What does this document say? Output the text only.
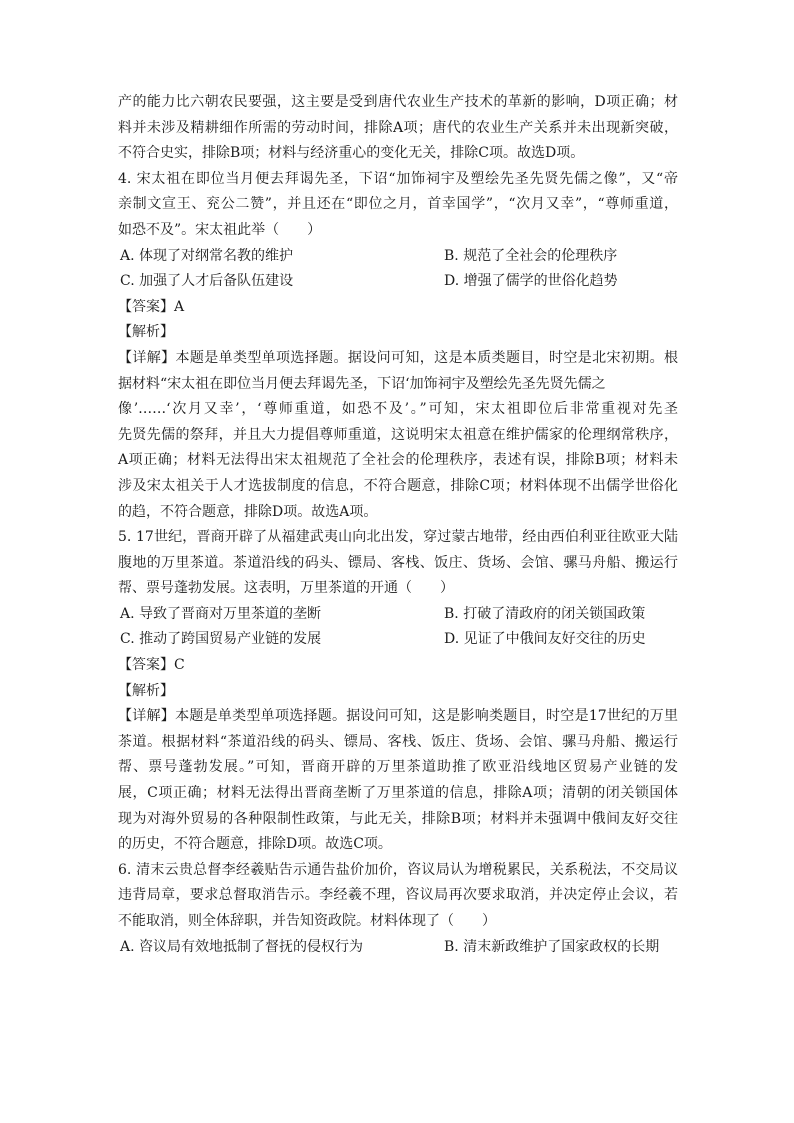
产的能力比六朝农民要强，这主要是受到唐代农业生产技术的革新的影响，D项正确；材
料并未涉及精耕细作所需的劳动时间，排除A项；唐代的农业生产关系并未出现新突破，
不符合史实，排除B项；材料与经济重心的变化无关，排除C项。故选D项。
4. 宋太祖在即位当月便去拜谒先圣，下诏“加饰祠宇及塑绘先圣先贤先儒之像”，又“帝
亲制文宣王、兖公二赞”，并且还在“即位之月，首幸国学”，“次月又幸”，“尊师重道，
如恐不及”。宋太祖此举（　　）
A. 体现了对纲常名教的维护	B. 规范了全社会的伦理秩序
C. 加强了人才后备队伍建设	D. 增强了儒学的世俗化趋势
【答案】A
【解析】
【详解】本题是单类型单项选择题。据设问可知，这是本质类题目，时空是北宋初期。根
据材料“宋太祖在即位当月便去拜谒先圣，下诏‘加饰祠宇及塑绘先圣先贤先儒之
像’……‘次月又幸’，‘尊师重道，如恐不及’。”可知，宋太祖即位后非常重视对先圣
先贤先儒的祭拜，并且大力提倡尊师重道，这说明宋太祖意在维护儒家的伦理纲常秩序，
A项正确；材料无法得出宋太祖规范了全社会的伦理秩序，表述有误，排除B项；材料未
涉及宋太祖关于人才选拔制度的信息，不符合题意，排除C项；材料体现不出儒学世俗化
的趋，不符合题意，排除D项。故选A项。
5. 17世纪，晋商开辟了从福建武夷山向北出发，穿过蒙古地带，经由西伯利亚往欧亚大陆
腹地的万里茶道。茶道沿线的码头、镖局、客栈、饭庄、货场、会馆、骡马舟船、搬运行
帮、票号蓬勃发展。这表明，万里茶道的开通（　　）
A. 导致了晋商对万里茶道的垄断	B. 打破了清政府的闭关锁国政策
C. 推动了跨国贸易产业链的发展	D. 见证了中俄间友好交往的历史
【答案】C
【解析】
【详解】本题是单类型单项选择题。据设问可知，这是影响类题目，时空是17世纪的万里
茶道。根据材料“茶道沿线的码头、镖局、客栈、饭庄、货场、会馆、骡马舟船、搬运行
帮、票号蓬勃发展。”可知，晋商开辟的万里茶道助推了欧亚沿线地区贸易产业链的发
展，C项正确；材料无法得出晋商垄断了万里茶道的信息，排除A项；清朝的闭关锁国体
现为对海外贸易的各种限制性政策，与此无关，排除B项；材料并未强调中俄间友好交往
的历史，不符合题意，排除D项。故选C项。
6. 清末云贵总督李经羲贴告示通告盐价加价，咨议局认为增税累民，关系税法，不交局议
违背局章，要求总督取消告示。李经羲不理，咨议局再次要求取消，并决定停止会议，若
不能取消，则全体辞职，并告知资政院。材料体现了（　　）
A. 咨议局有效地抵制了督抚的侵权行为	B. 清末新政维护了国家政权的长期
